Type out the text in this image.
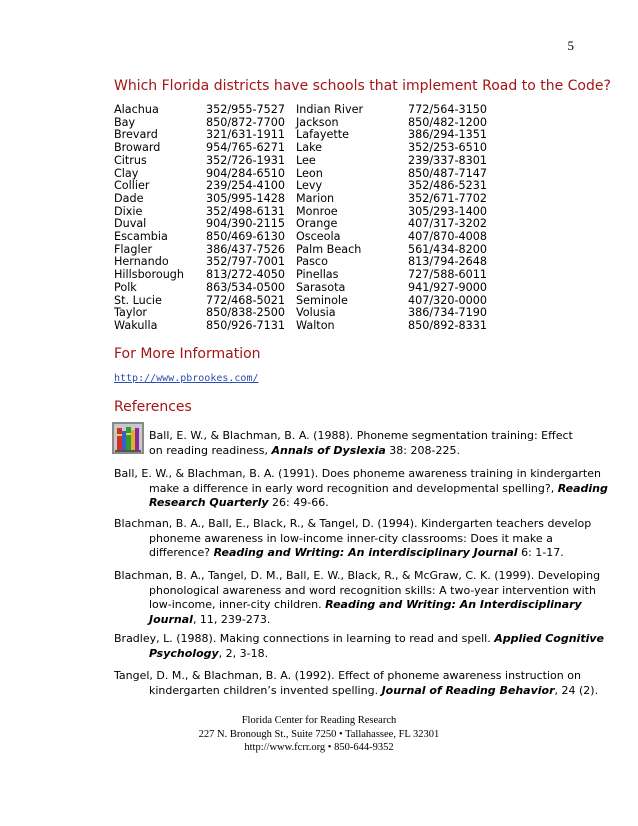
5
Which Florida districts have schools that implement Road to the Code?
Alachua	352/955-7527	Indian River	772/564-3150
Bay	850/872-7700	Jackson	850/482-1200
Brevard	321/631-1911	Lafayette	386/294-1351
Broward	954/765-6271	Lake	352/253-6510
Citrus	352/726-1931	Lee	239/337-8301
Clay	904/284-6510	Leon	850/487-7147
Collier	239/254-4100	Levy	352/486-5231
Dade	305/995-1428	Marion	352/671-7702
Dixie	352/498-6131	Monroe	305/293-1400
Duval	904/390-2115	Orange	407/317-3202
Escambia	850/469-6130	Osceola	407/870-4008
Flagler	386/437-7526	Palm Beach	561/434-8200
Hernando	352/797-7001	Pasco	813/794-2648
Hillsborough	813/272-4050	Pinellas	727/588-6011
Polk	863/534-0500	Sarasota	941/927-9000
St. Lucie	772/468-5021	Seminole	407/320-0000
Taylor	850/838-2500	Volusia	386/734-7190
Wakulla	850/926-7131	Walton	850/892-8331
For More Information
http://www.pbrookes.com/
References

Ball, E. W., & Blachman, B. A. (1988). Phoneme segmentation training: Effect on reading readiness, Annals of Dyslexia 38: 208-225.

Ball, E. W., & Blachman, B. A. (1991). Does phoneme awareness training in kindergarten make a difference in early word recognition and developmental spelling?, Reading Research Quarterly 26: 49-66.

Blachman, B. A., Ball, E., Black, R., & Tangel, D. (1994). Kindergarten teachers develop phoneme awareness in low-income inner-city classrooms: Does it make a difference? Reading and Writing: An interdisciplinary Journal 6: 1-17.

Blachman, B. A., Tangel, D. M., Ball, E. W., Black, R., & McGraw, C. K. (1999). Developing phonological awareness and word recognition skills: A two-year intervention with low-income, inner-city children. Reading and Writing: An Interdisciplinary Journal, 11, 239-273.

Bradley, L. (1988). Making connections in learning to read and spell. Applied Cognitive Psychology, 2, 3-18.

Tangel, D. M., & Blachman, B. A. (1992). Effect of phoneme awareness instruction on kindergarten children’s invented spelling. Journal of Reading Behavior, 24 (2).

Florida Center for Reading Research
227 N. Bronough St., Suite 7250 • Tallahassee, FL 32301
http://www.fcrr.org • 850-644-9352
